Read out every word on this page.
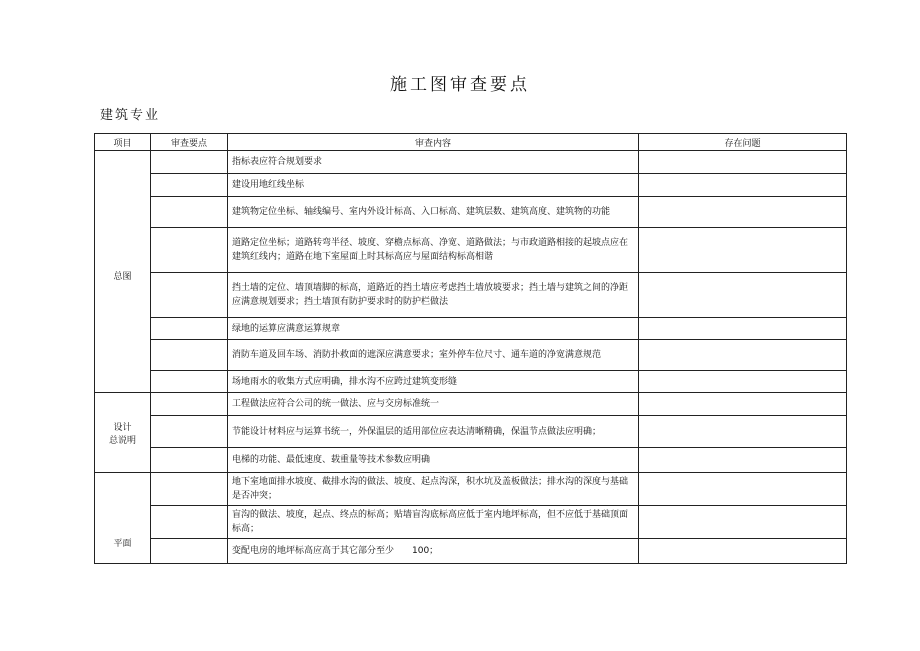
施工图审查要点
建筑专业
项目	审查要点	审查内容	存在问题

总图		指标表应符合规划要求	
		建设用地红线坐标	
		建筑物定位坐标、轴线编号、室内外设计标高、入口标高、建筑层数、建筑高度、建筑物的功能	
		道路定位坐标；道路转弯半径、坡度、穿檐点标高、净宽、道路做法；与市政道路相接的起坡点应在建筑红线内；道路在地下室屋面上时其标高应与屋面结构标高相谐	
		挡土墙的定位、墙顶墙脚的标高，道路近的挡土墙应考虑挡土墙放坡要求；挡土墙与建筑之间的净距应满意规划要求；挡土墙顶有防护要求时的防护栏做法	
		绿地的运算应满意运算规章	
		消防车道及回车场、消防扑救面的遮深应满意要求；室外停车位尺寸、通车道的净宽满意规范	
		场地雨水的收集方式应明确，排水沟不应跨过建筑变形缝	

设计
总说明		工程做法应符合公司的统一做法、应与交房标准统一	
		节能设计材料应与运算书统一，外保温层的适用部位应表达清晰精确，保温节点做法应明确；	
		电梯的功能、最低速度、载重量等技术参数应明确	

平面		地下室地面排水坡度、截排水沟的做法、坡度、起点沟深，积水坑及盖板做法；排水沟的深度与基础是否冲突；	
		盲沟的做法、坡度，起点、终点的标高；贴墙盲沟底标高应低于室内地坪标高，但不应低于基础顶面标高；	
		变配电房的地坪标高应高于其它部分至少　　100；	
